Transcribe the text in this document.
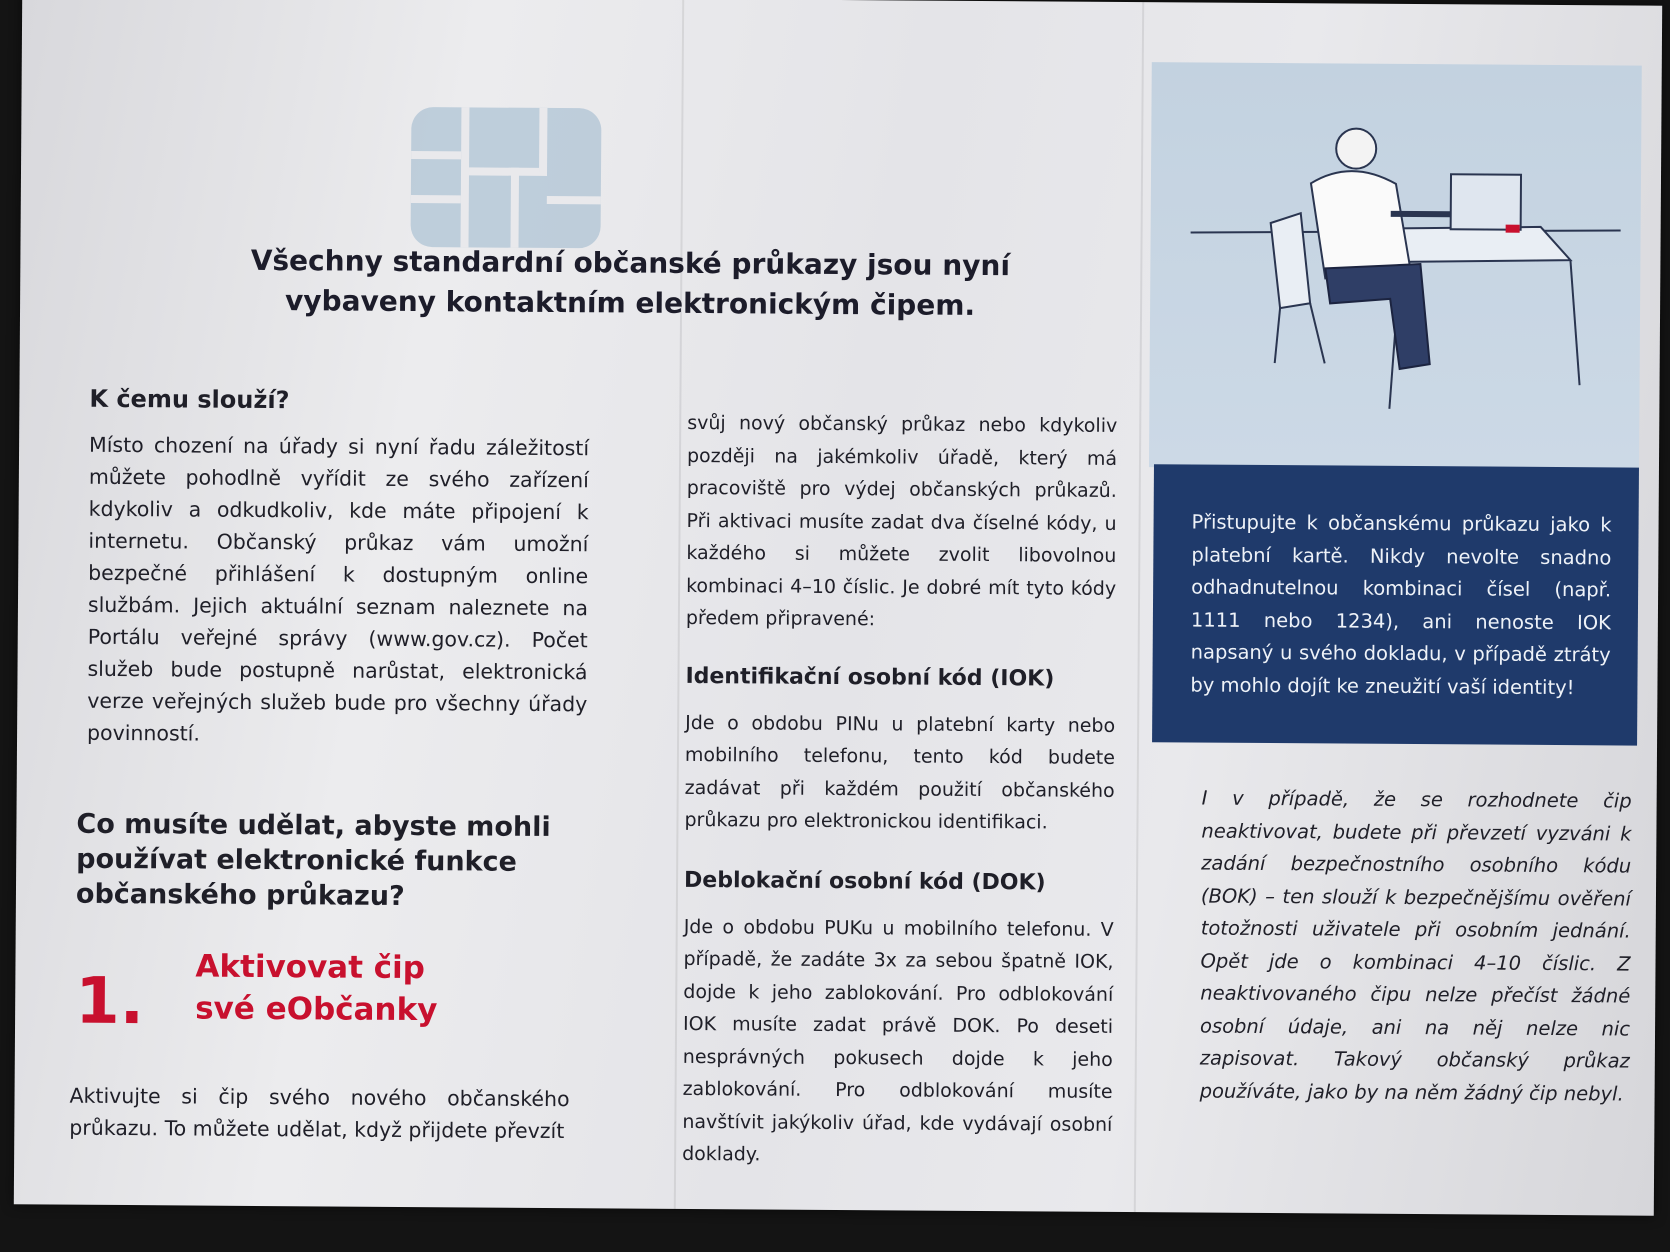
Všechny standardní občanské průkazy jsou nyní
vybaveny kontaktním elektronickým čipem.
K čemu slouží?

Místo chození na úřady si nyní řadu záležitostí můžete pohodlně vyřídit ze svého zařízení kdykoliv a odkudkoliv, kde máte připojení k internetu. Občanský průkaz vám umožní bezpečné přihlášení k dostupným online službám. Jejich aktuální seznam naleznete na Portálu veřejné správy (www.gov.cz). Počet služeb bude postupně narůstat, elektronická verze veřejných služeb bude pro všechny úřady povinností.

Co musíte udělat, abyste mohli používat elektronické funkce občanského průkazu?
1. Aktivovat čip
své eObčanky

Aktivujte si čip svého nového občanského průkazu. To můžete udělat, když přijdete převzít

svůj nový občanský průkaz nebo kdykoliv později na jakémkoliv úřadě, který má pracoviště pro výdej občanských průkazů. Při aktivaci musíte zadat dva číselné kódy, u každého si můžete zvolit libovolnou kombinaci 4–10 číslic. Je dobré mít tyto kódy předem připravené:

Identifikační osobní kód (IOK)

Jde o obdobu PINu u platební karty nebo mobilního telefonu, tento kód budete zadávat při každém použití občanského průkazu pro elektronickou identifikaci.

Deblokační osobní kód (DOK)

Jde o obdobu PUKu u mobilního telefonu. V případě, že zadáte 3x za sebou špatně IOK, dojde k jeho zablokování. Pro odblokování IOK musíte zadat právě DOK. Po deseti nesprávných pokusech dojde k jeho zablokování. Pro odblokování musíte navštívit jakýkoliv úřad, kde vydávají osobní doklady.

Přistupujte k občanskému průkazu jako k platební kartě. Nikdy nevolte snadno odhadnutelnou kombinaci čísel (např. 1111 nebo 1234), ani nenoste IOK napsaný u svého dokladu, v případě ztráty by mohlo dojít ke zneužití vaší identity!

I v případě, že se rozhodnete čip neaktivovat, budete při převzetí vyzváni k zadání bezpečnostního osobního kódu (BOK) – ten slouží k bezpečnějšímu ověření totožnosti uživatele při osobním jednání. Opět jde o kombinaci 4–10 číslic. Z neaktivovaného čipu nelze přečíst žádné osobní údaje, ani na něj nelze nic zapisovat. Takový občanský průkaz používáte, jako by na něm žádný čip nebyl.
